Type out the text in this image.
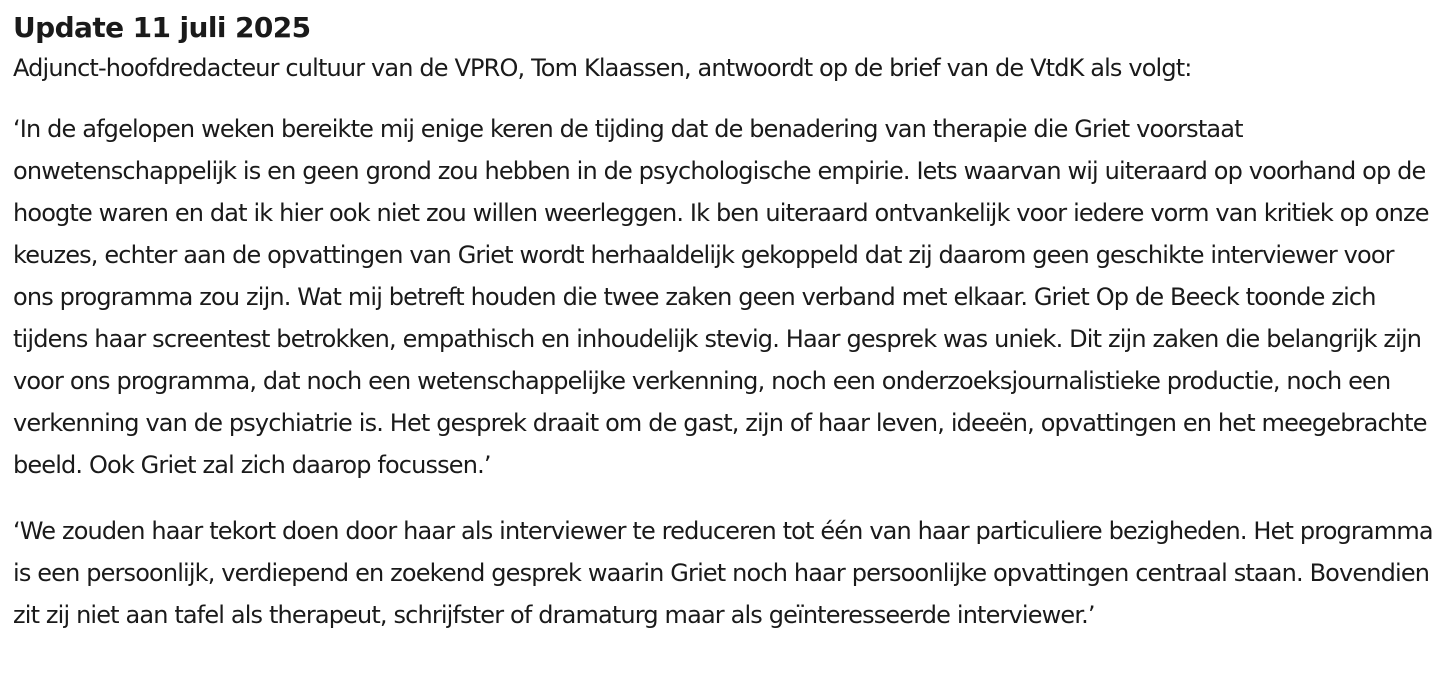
Update 11 juli 2025

Adjunct-hoofdredacteur cultuur van de VPRO, Tom Klaassen, antwoordt op de brief van de VtdK als volgt:

‘In de afgelopen weken bereikte mij enige keren de tijding dat de benadering van therapie die Griet voorstaat onwetenschappelijk is en geen grond zou hebben in de psychologische empirie. Iets waarvan wij uiteraard op voorhand op de hoogte waren en dat ik hier ook niet zou willen weerleggen. Ik ben uiteraard ontvankelijk voor iedere vorm van kritiek op onze keuzes, echter aan de opvattingen van Griet wordt herhaaldelijk gekoppeld dat zij daarom geen geschikte interviewer voor ons programma zou zijn. Wat mij betreft houden die twee zaken geen verband met elkaar. Griet Op de Beeck toonde zich tijdens haar screentest betrokken, empathisch en inhoudelijk stevig. Haar gesprek was uniek. Dit zijn zaken die belangrijk zijn voor ons programma, dat noch een wetenschappelijke verkenning, noch een onderzoeksjournalistieke productie, noch een verkenning van de psychiatrie is. Het gesprek draait om de gast, zijn of haar leven, ideeën, opvattingen en het meegebrachte beeld. Ook Griet zal zich daarop focussen.’

‘We zouden haar tekort doen door haar als interviewer te reduceren tot één van haar particuliere bezigheden. Het programma is een persoonlijk, verdiepend en zoekend gesprek waarin Griet noch haar persoonlijke opvattingen centraal staan. Bovendien zit zij niet aan tafel als therapeut, schrijfster of dramaturg maar als geïnteresseerde interviewer.’
